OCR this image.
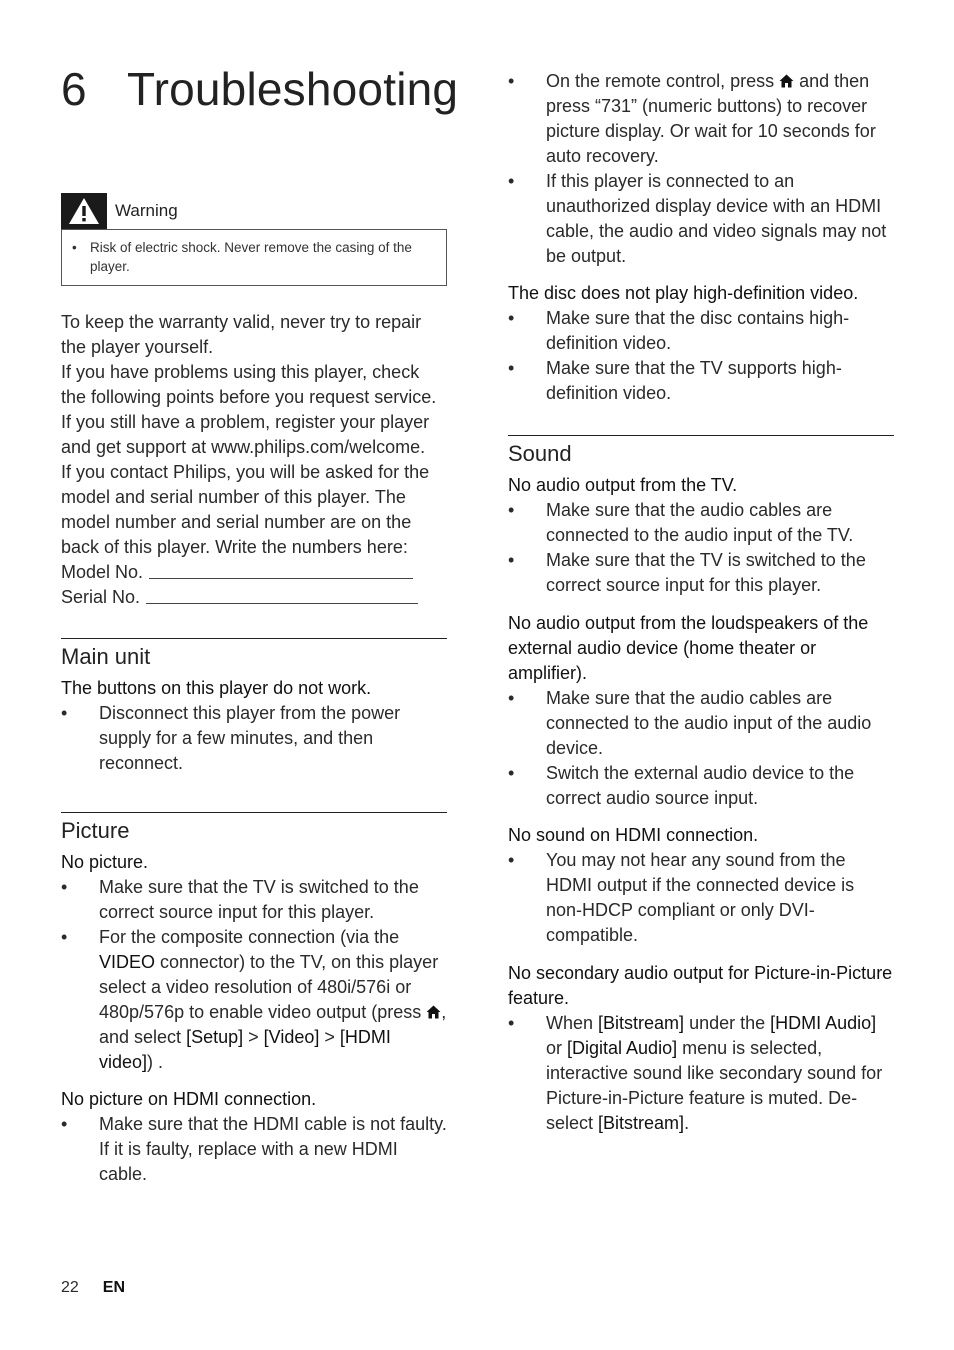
6 Troubleshooting
Warning
• Risk of electric shock. Never remove the casing of the player.

To keep the warranty valid, never try to repair the player yourself.

If you have problems using this player, check the following points before you request service. If you still have a problem, register your player and get support at www.philips.com/welcome.

If you contact Philips, you will be asked for the model and serial number of this player. The model number and serial number are on the back of this player. Write the numbers here:

Model No.
Serial No.
Main unit
The buttons on this player do not work.
•	Disconnect this player from the power supply for a few minutes, and then reconnect.
Picture
No picture.
•	Make sure that the TV is switched to the correct source input for this player.
•	For the composite connection (via the VIDEO connector) to the TV, on this player select a video resolution of 480i/576i or 480p/576p to enable video output (press , and select [Setup] > [Video] > [HDMI video]) .
No picture on HDMI connection.
•	Make sure that the HDMI cable is not faulty. If it is faulty, replace with a new HDMI cable.
•	On the remote control, press  and then press “731” (numeric buttons) to recover picture display. Or wait for 10 seconds for auto recovery.
•	If this player is connected to an unauthorized display device with an HDMI cable, the audio and video signals may not be output.
The disc does not play high-definition video.
•	Make sure that the disc contains high-definition video.
•	Make sure that the TV supports high-definition video.
Sound
No audio output from the TV.
•	Make sure that the audio cables are connected to the audio input of the TV.
•	Make sure that the TV is switched to the correct source input for this player.
No audio output from the loudspeakers of the external audio device (home theater or amplifier).
•	Make sure that the audio cables are connected to the audio input of the audio device.
•	Switch the external audio device to the correct audio source input.
No sound on HDMI connection.
•	You may not hear any sound from the HDMI output if the connected device is non-HDCP compliant or only DVI-compatible.
No secondary audio output for Picture-in-Picture feature.
•	When [Bitstream] under the [HDMI Audio] or [Digital Audio] menu is selected, interactive sound like secondary sound for Picture-in-Picture feature is muted. De-select [Bitstream].
22 EN
